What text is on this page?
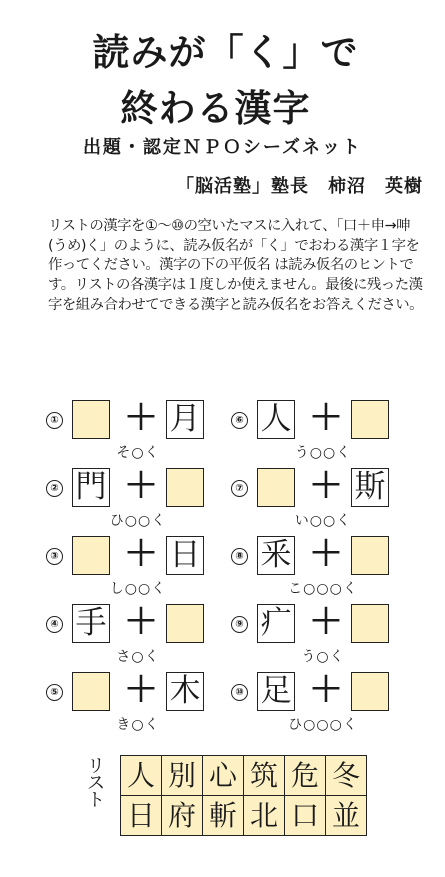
読みが「く」で
終わる漢字
出題・認定ＮＰＯシーズネット
「脳活塾」塾長　柿沼　英樹
リストの漢字を①～⑩の空いたマスに入れて、「口＋申→呻(うめ)く」のように、読み仮名が「く」でおわる漢字１字を作ってください。漢字の下の平仮名 は読み仮名のヒントです。リストの各漢字は１度しか使えません。最後に残った漢 字を組み合わせてできる漢字と読み仮名をお答えください。
① ＋ 月
そ○く
⑥ 人 ＋
う○○く
② 門 ＋
ひ○○く
⑦ ＋ 斯
い○○く
③ ＋ 日
し○○く
⑧ 釆 ＋
こ○○○く
④ 手 ＋
さ○く
⑨ 疒 ＋
う○く
⑤ ＋ 木
き○く
⑩ 足 ＋
ひ○○○く
リ
ス
ト
人	別	心	筑	危	冬
日	府	斬	北	口	並
